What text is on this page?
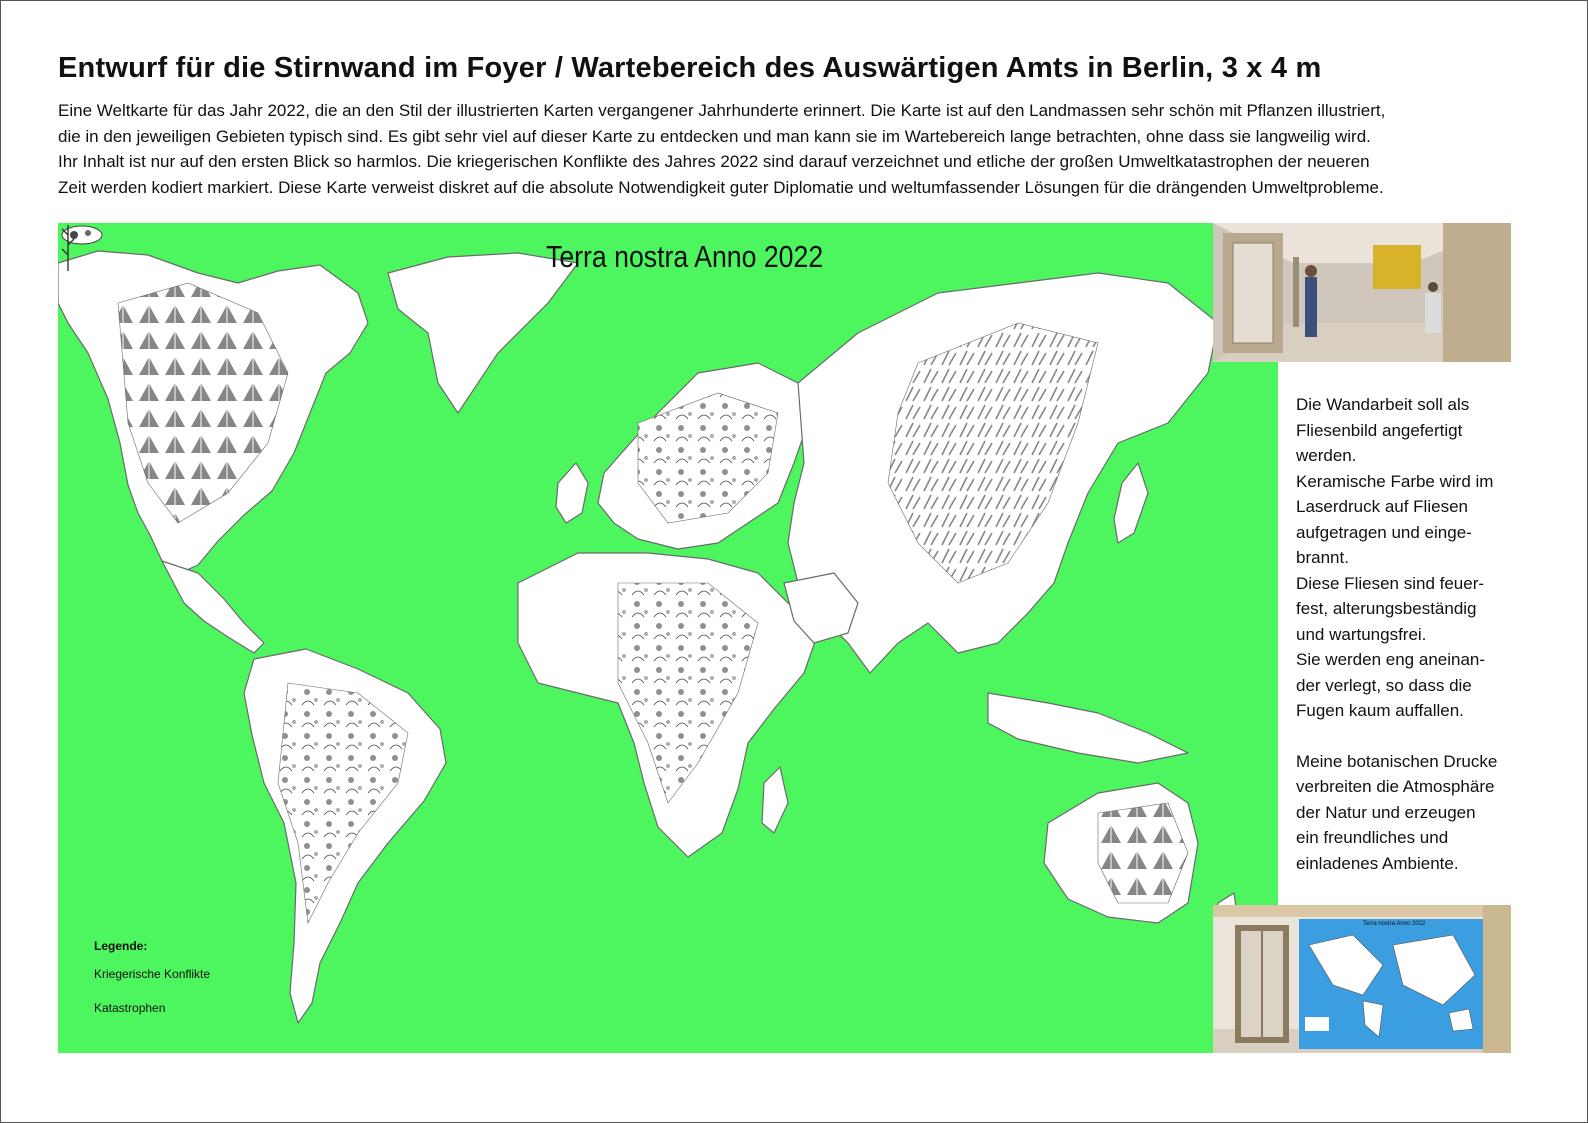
Entwurf für die Stirnwand im Foyer / Wartebereich des Auswärtigen Amts in Berlin, 3 x 4 m
Eine Weltkarte für das Jahr 2022, die an den Stil der illustrierten Karten vergangener Jahrhunderte erinnert. Die Karte ist auf den Landmassen sehr schön mit Pflanzen illustriert,
die in den jeweiligen Gebieten typisch sind. Es gibt sehr viel auf dieser Karte zu entdecken und man kann sie im Wartebereich lange betrachten, ohne dass sie langweilig wird.
Ihr Inhalt ist nur auf den ersten Blick so harmlos. Die kriegerischen Konflikte des Jahres 2022 sind darauf verzeichnet und etliche der großen Umweltkatastrophen der neueren
Zeit werden kodiert markiert. Diese Karte verweist diskret auf die absolute Notwendigkeit guter Diplomatie und weltumfassender Lösungen für die drängenden Umweltprobleme.
Terra nostra Anno 2022
Legende:
Kriegerische Konflikte
Katastrophen
Die Wandarbeit soll als
Fliesenbild angefertigt
werden.
Keramische Farbe wird im
Laserdruck auf Fliesen
aufgetragen und einge-
brannt.
Diese Fliesen sind feuer-
fest, alterungsbeständig
und wartungsfrei.
Sie werden eng aneinan-
der verlegt, so dass die
Fugen kaum auffallen.
Meine botanischen Drucke
verbreiten die Atmosphäre
der Natur und erzeugen
ein freundliches und
einladenes Ambiente.
Terra nostra Anno 2022
